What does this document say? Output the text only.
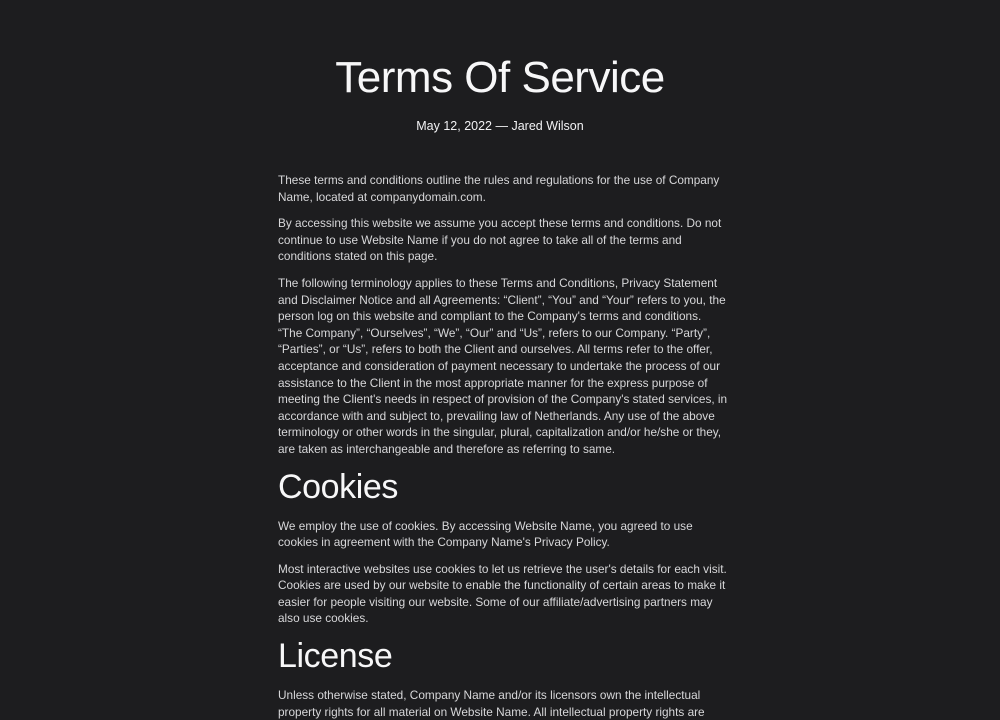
Terms Of Service
May 12, 2022 — Jared Wilson

These terms and conditions outline the rules and regulations for the use of Company Name, located at companydomain.com.

By accessing this website we assume you accept these terms and conditions. Do not continue to use Website Name if you do not agree to take all of the terms and conditions stated on this page.

The following terminology applies to these Terms and Conditions, Privacy Statement and Disclaimer Notice and all Agreements: “Client”, “You” and “Your” refers to you, the person log on this website and compliant to the Company's terms and conditions. “The Company”, “Ourselves”, “We”, “Our” and “Us”, refers to our Company. “Party”, “Parties”, or “Us”, refers to both the Client and ourselves. All terms refer to the offer, acceptance and consideration of payment necessary to undertake the process of our assistance to the Client in the most appropriate manner for the express purpose of meeting the Client's needs in respect of provision of the Company's stated services, in accordance with and subject to, prevailing law of Netherlands. Any use of the above terminology or other words in the singular, plural, capitalization and/or he/she or they, are taken as interchangeable and therefore as referring to same.

Cookies

We employ the use of cookies. By accessing Website Name, you agreed to use cookies in agreement with the Company Name's Privacy Policy.

Most interactive websites use cookies to let us retrieve the user's details for each visit. Cookies are used by our website to enable the functionality of certain areas to make it easier for people visiting our website. Some of our affiliate/advertising partners may also use cookies.

License

Unless otherwise stated, Company Name and/or its licensors own the intellectual property rights for all material on Website Name. All intellectual property rights are
